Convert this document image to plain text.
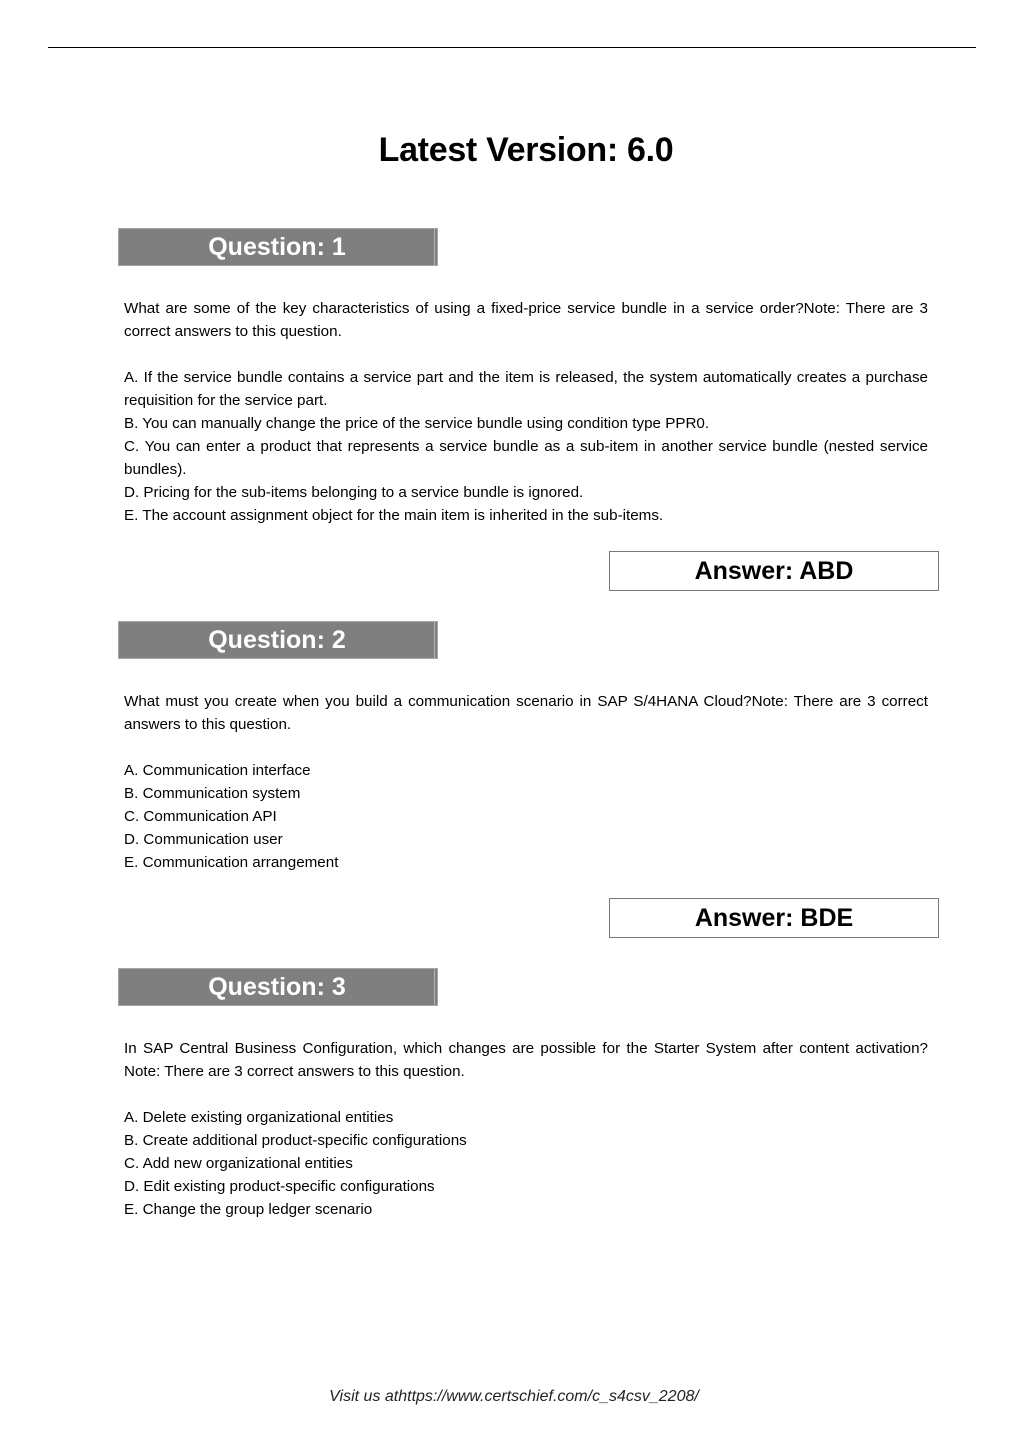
Latest Version: 6.0
Question: 1

What are some of the key characteristics of using a fixed-price service bundle in a service order?Note: There are 3 correct answers to this question.

A. If the service bundle contains a service part and the item is released, the system automatically creates a purchase requisition for the service part.

B. You can manually change the price of the service bundle using condition type PPR0.

C. You can enter a product that represents a service bundle as a sub-item in another service bundle (nested service bundles).

D. Pricing for the sub-items belonging to a service bundle is ignored.

E. The account assignment object for the main item is inherited in the sub-items.

Answer: ABD
Question: 2

What must you create when you build a communication scenario in SAP S/4HANA Cloud?Note: There are 3 correct answers to this question.

A. Communication interface

B. Communication system

C. Communication API

D. Communication user

E. Communication arrangement

Answer: BDE
Question: 3

In SAP Central Business Configuration, which changes are possible for the Starter System after content activation?Note: There are 3 correct answers to this question.

A. Delete existing organizational entities

B. Create additional product-specific configurations

C. Add new organizational entities

D. Edit existing product-specific configurations

E. Change the group ledger scenario

Visit us athttps://www.certschief.com/c_s4csv_2208/
